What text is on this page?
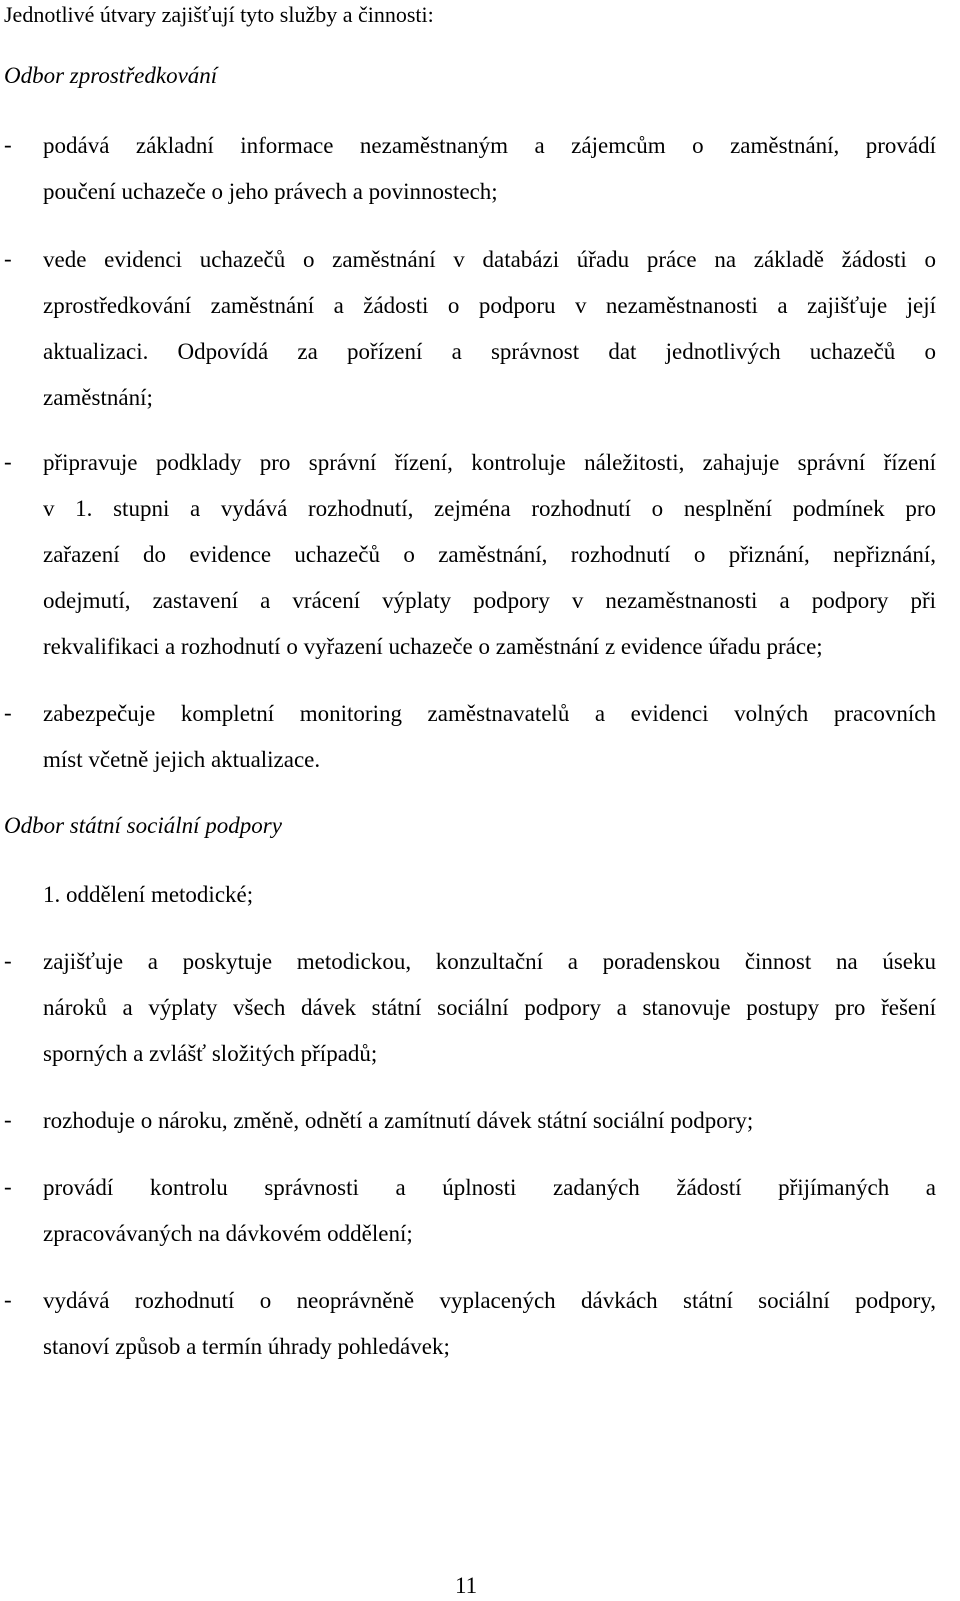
Jednotlivé útvary zajišťují tyto služby a činnosti:
Odbor zprostředkování
- podává základní informace nezaměstnaným a zájemcům o zaměstnání, provádí
poučení uchazeče o jeho právech a povinnostech;
- vede evidenci uchazečů o zaměstnání v databázi úřadu práce na základě žádosti o
zprostředkování zaměstnání a žádosti o podporu v nezaměstnanosti a zajišťuje její
aktualizaci. Odpovídá za pořízení a správnost dat jednotlivých uchazečů o
zaměstnání;
- připravuje podklady pro správní řízení, kontroluje náležitosti, zahajuje správní řízení
v 1. stupni a vydává rozhodnutí, zejména rozhodnutí o nesplnění podmínek pro
zařazení do evidence uchazečů o zaměstnání, rozhodnutí o přiznání, nepřiznání,
odejmutí, zastavení a vrácení výplaty podpory v nezaměstnanosti a podpory při
rekvalifikaci a rozhodnutí o vyřazení uchazeče o zaměstnání z evidence úřadu práce;
- zabezpečuje kompletní monitoring zaměstnavatelů a evidenci volných pracovních
míst včetně jejich aktualizace.
Odbor státní sociální podpory
1. oddělení metodické;
- zajišťuje a poskytuje metodickou, konzultační a poradenskou činnost na úseku
nároků a výplaty všech dávek státní sociální podpory a stanovuje postupy pro řešení
sporných a zvlášť složitých případů;
- rozhoduje o nároku, změně, odnětí a zamítnutí dávek státní sociální podpory;
- provádí kontrolu správnosti a úplnosti zadaných žádostí přijímaných a
zpracovávaných na dávkovém oddělení;
- vydává rozhodnutí o neoprávněně vyplacených dávkách státní sociální podpory,
stanoví způsob a termín úhrady pohledávek;
11
